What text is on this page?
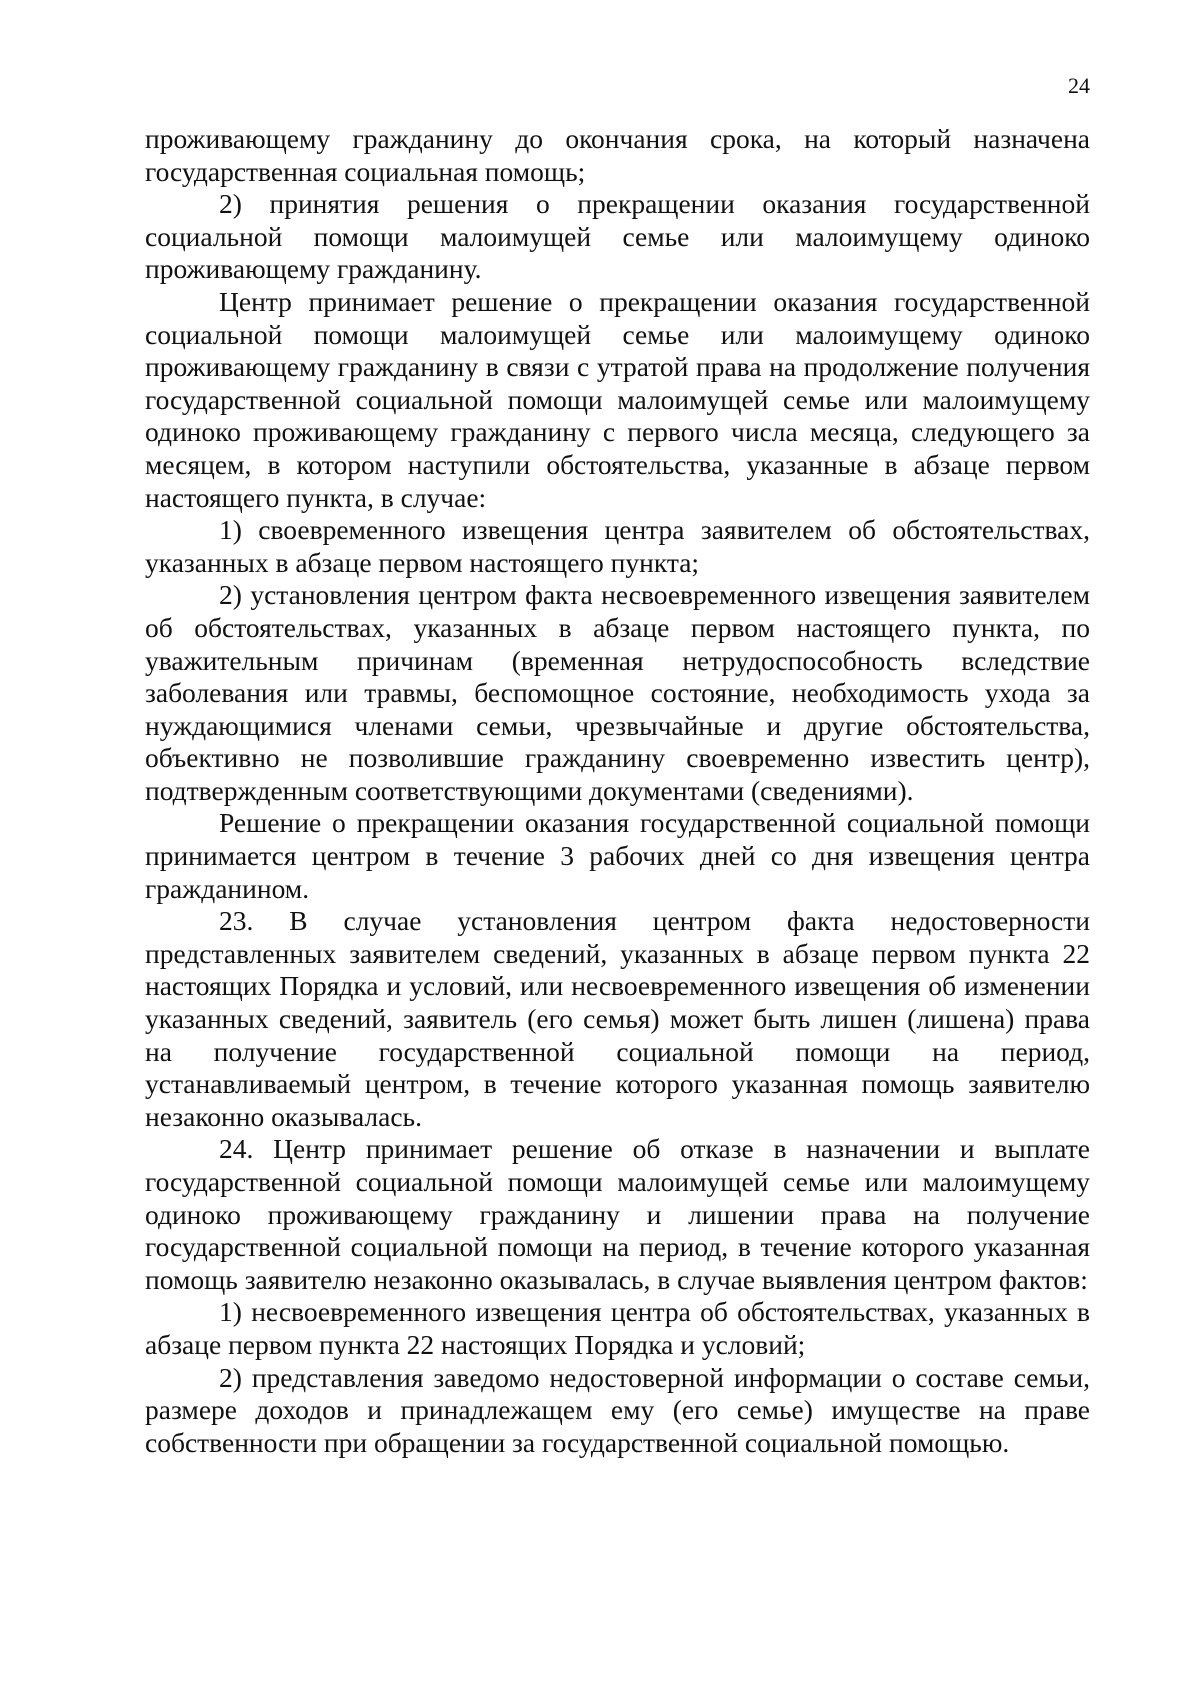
24

проживающему гражданину до окончания срока, на который назначена государственная социальная помощь;

2) принятия решения о прекращении оказания государственной социальной помощи малоимущей семье или малоимущему одиноко проживающему гражданину.

Центр принимает решение о прекращении оказания государственной социальной помощи малоимущей семье или малоимущему одиноко проживающему гражданину в связи с утратой права на продолжение получения государственной социальной помощи малоимущей семье или малоимущему одиноко проживающему гражданину с первого числа месяца, следующего за месяцем, в котором наступили обстоятельства, указанные в абзаце первом настоящего пункта, в случае:

1) своевременного извещения центра заявителем об обстоятельствах, указанных в абзаце первом настоящего пункта;

2) установления центром факта несвоевременного извещения заявителем об обстоятельствах, указанных в абзаце первом настоящего пункта, по уважительным причинам (временная нетрудоспособность вследствие заболевания или травмы, беспомощное состояние, необходимость ухода за нуждающимися членами семьи, чрезвычайные и другие обстоятельства, объективно не позволившие гражданину своевременно известить центр), подтвержденным соответствующими документами (сведениями).

Решение о прекращении оказания государственной социальной помощи принимается центром в течение 3 рабочих дней со дня извещения центра гражданином.

23. В случае установления центром факта недостоверности представленных заявителем сведений, указанных в абзаце первом пункта 22 настоящих Порядка и условий, или несвоевременного извещения об изменении указанных сведений, заявитель (его семья) может быть лишен (лишена) права на получение государственной социальной помощи на период, устанавливаемый центром, в течение которого указанная помощь заявителю незаконно оказывалась.

24. Центр принимает решение об отказе в назначении и выплате государственной социальной помощи малоимущей семье или малоимущему одиноко проживающему гражданину и лишении права на получение государственной социальной помощи на период, в течение которого указанная помощь заявителю незаконно оказывалась, в случае выявления центром фактов:

1) несвоевременного извещения центра об обстоятельствах, указанных в абзаце первом пункта 22 настоящих Порядка и условий;

2) представления заведомо недостоверной информации о составе семьи, размере доходов и принадлежащем ему (его семье) имуществе на праве собственности при обращении за государственной социальной помощью.
